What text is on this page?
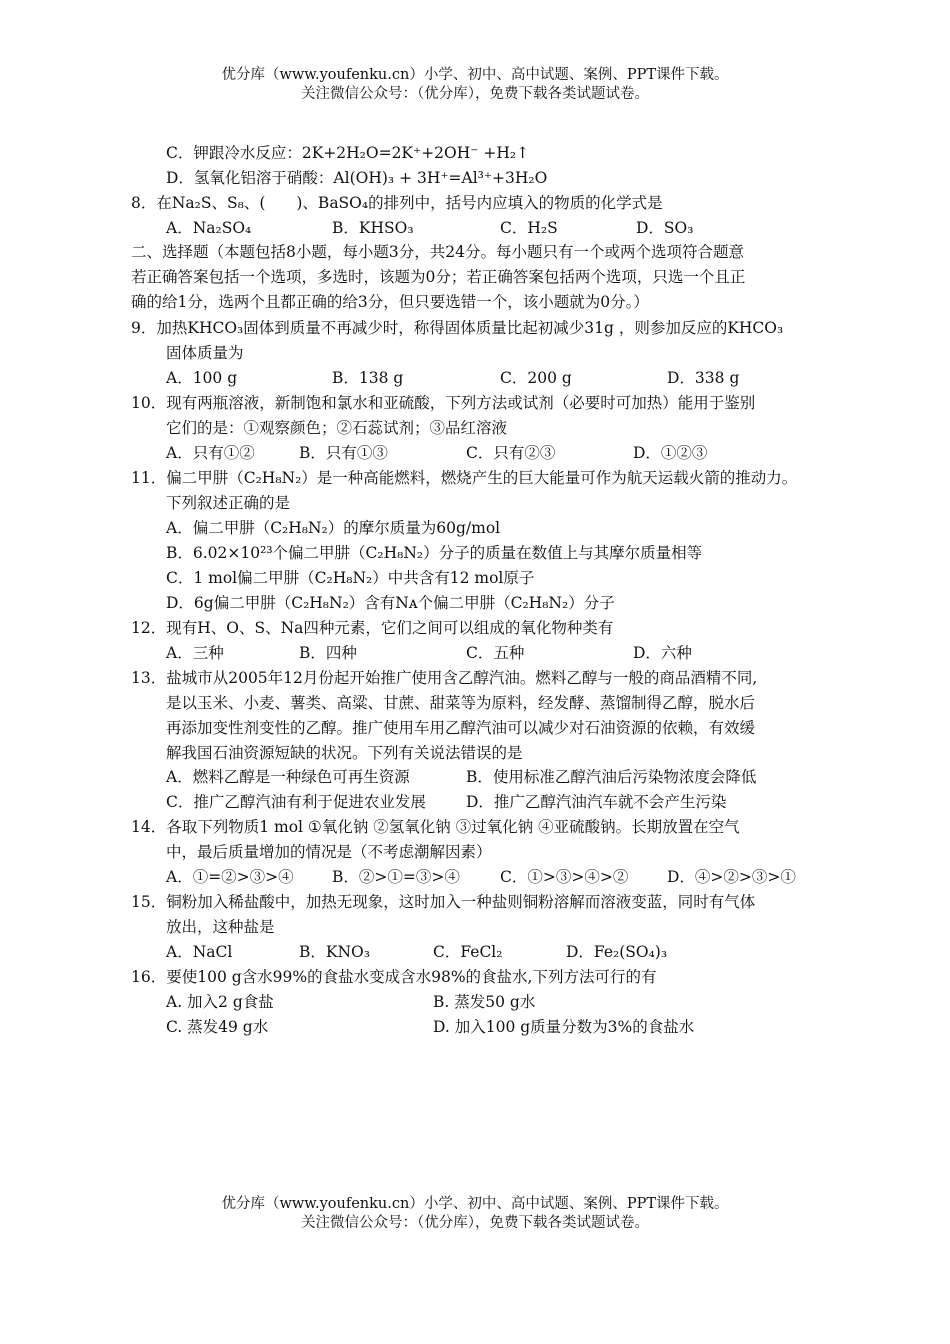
优分库（www.youfenku.cn）小学、初中、高中试题、案例、PPT课件下载。
关注微信公众号：（优分库），免费下载各类试题试卷。
C．钾跟冷水反应：2K+2H₂O=2K⁺+2OH⁻ +H₂↑
D．氢氧化铝溶于硝酸：Al(OH)₃ + 3H⁺=Al³⁺+3H₂O
8．在Na₂S、S₈、(　　)、BaSO₄的排列中，括号内应填入的物质的化学式是
A．Na₂SO₄	B．KHSO₃	C．H₂S	D．SO₃
二、选择题（本题包括8小题，每小题3分，共24分。每小题只有一个或两个选项符合题意
若正确答案包括一个选项，多选时，该题为0分；若正确答案包括两个选项，只选一个且正
确的给1分，选两个且都正确的给3分，但只要选错一个，该小题就为0分。）
9．加热KHCO₃固体到质量不再减少时，称得固体质量比起初减少31g ，则参加反应的KHCO₃
固体质量为
A．100 g	B．138 g	C．200 g	D．338 g
10．现有两瓶溶液，新制饱和氯水和亚硫酸，下列方法或试剂（必要时可加热）能用于鉴别
它们的是：①观察颜色；②石蕊试剂；③品红溶液
A．只有①②	B．只有①③	C．只有②③	D．①②③
11．偏二甲肼（C₂H₈N₂）是一种高能燃料，燃烧产生的巨大能量可作为航天运载火箭的推动力。
下列叙述正确的是
A．偏二甲肼（C₂H₈N₂）的摩尔质量为60g/mol
B．6.02×10²³个偏二甲肼（C₂H₈N₂）分子的质量在数值上与其摩尔质量相等
C．1 mol偏二甲肼（C₂H₈N₂）中共含有12 mol原子
D．6g偏二甲肼（C₂H₈N₂）含有Nᴀ个偏二甲肼（C₂H₈N₂）分子
12．现有H、O、S、Na四种元素，它们之间可以组成的氧化物种类有
A．三种	B．四种	C．五种	D．六种
13．盐城市从2005年12月份起开始推广使用含乙醇汽油。燃料乙醇与一般的商品酒精不同,
是以玉米、小麦、薯类、高粱、甘蔗、甜菜等为原料，经发酵、蒸馏制得乙醇，脱水后
再添加变性剂变性的乙醇。推广使用车用乙醇汽油可以减少对石油资源的依赖，有效缓
解我国石油资源短缺的状况。下列有关说法错误的是
A．燃料乙醇是一种绿色可再生资源	B．使用标准乙醇汽油后污染物浓度会降低
C．推广乙醇汽油有利于促进农业发展	D．推广乙醇汽油汽车就不会产生污染
14．各取下列物质1 mol ①氧化钠 ②氢氧化钠 ③过氧化钠 ④亚硫酸钠。长期放置在空气
中，最后质量增加的情况是（不考虑潮解因素）
A．①=②>③>④ B．②>①=③>④	C．①>③>④>② D．④>②>③>①
15．铜粉加入稀盐酸中，加热无现象，这时加入一种盐则铜粉溶解而溶液变蓝，同时有气体
放出，这种盐是
A．NaCl	B．KNO₃	C．FeCl₂	D．Fe₂(SO₄)₃
16．要使100 g含水99%的食盐水变成含水98%的食盐水,下列方法可行的有
A. 加入2 g食盐	B. 蒸发50 g水
C. 蒸发49 g水	D. 加入100 g质量分数为3%的食盐水
优分库（www.youfenku.cn）小学、初中、高中试题、案例、PPT课件下载。
关注微信公众号：（优分库），免费下载各类试题试卷。
